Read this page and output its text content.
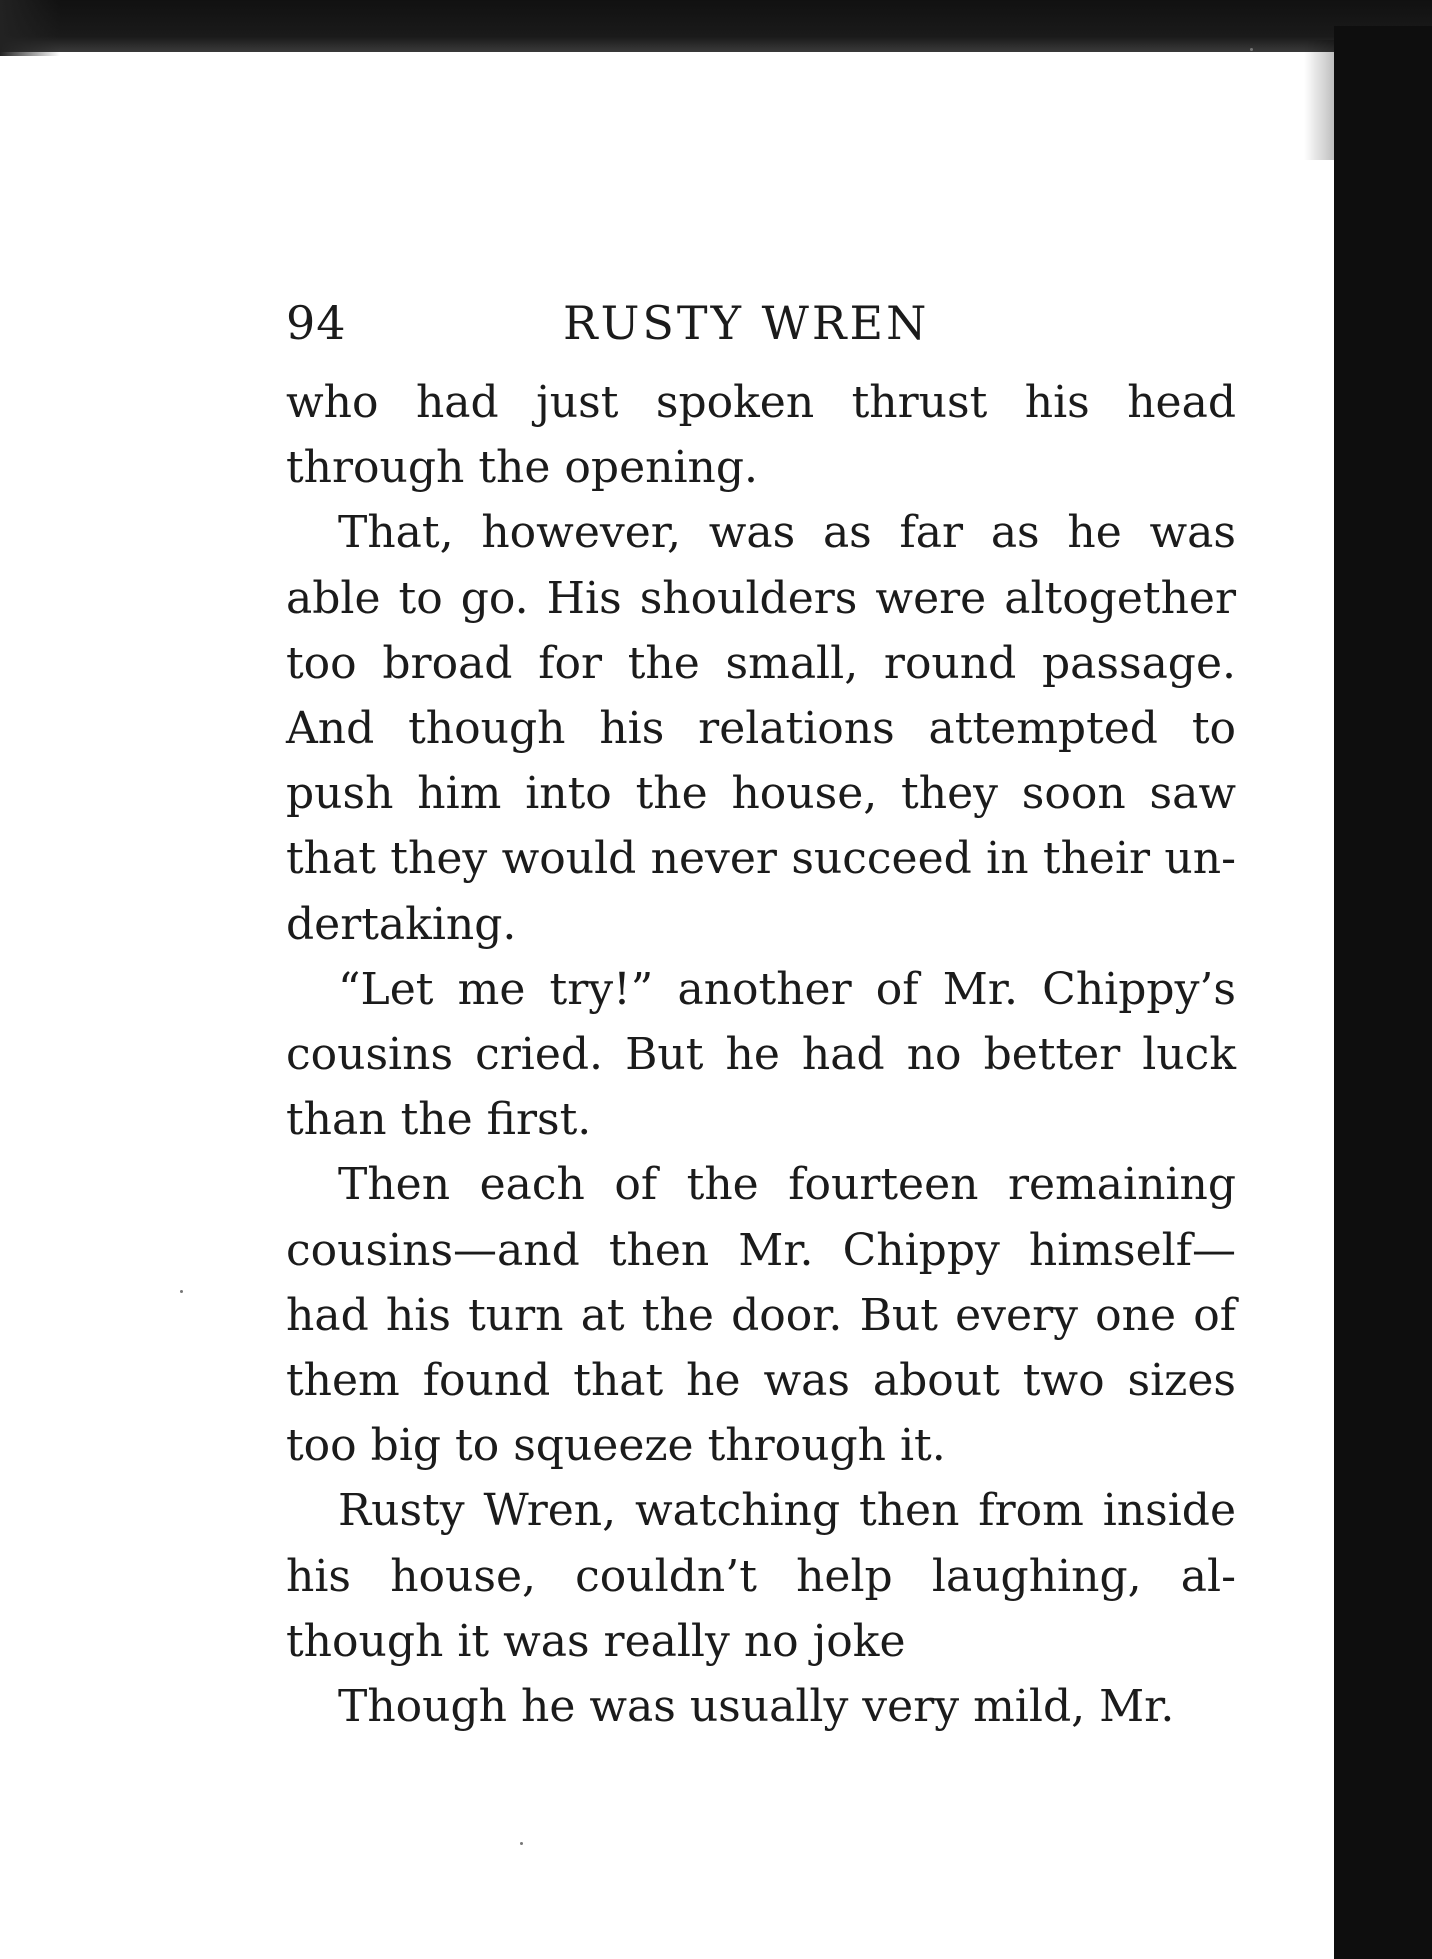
94	RUSTY WREN

who had just spoken thrust his head through the opening.

That, however, was as far as he was able to go. His shoulders were altogether too broad for the small, round passage. And though his relations attempted to push him into the house, they soon saw that they would never succeed in their undertaking.

“Let me try!” another of Mr. Chippy’s cousins cried. But he had no better luck than the first.

Then each of the fourteen remaining cousins—and then Mr. Chippy himself—had his turn at the door. But every one of them found that he was about two sizes too big to squeeze through it.

Rusty Wren, watching then from inside his house, couldn’t help laughing, although it was really no joke

Though he was usually very mild, Mr.
